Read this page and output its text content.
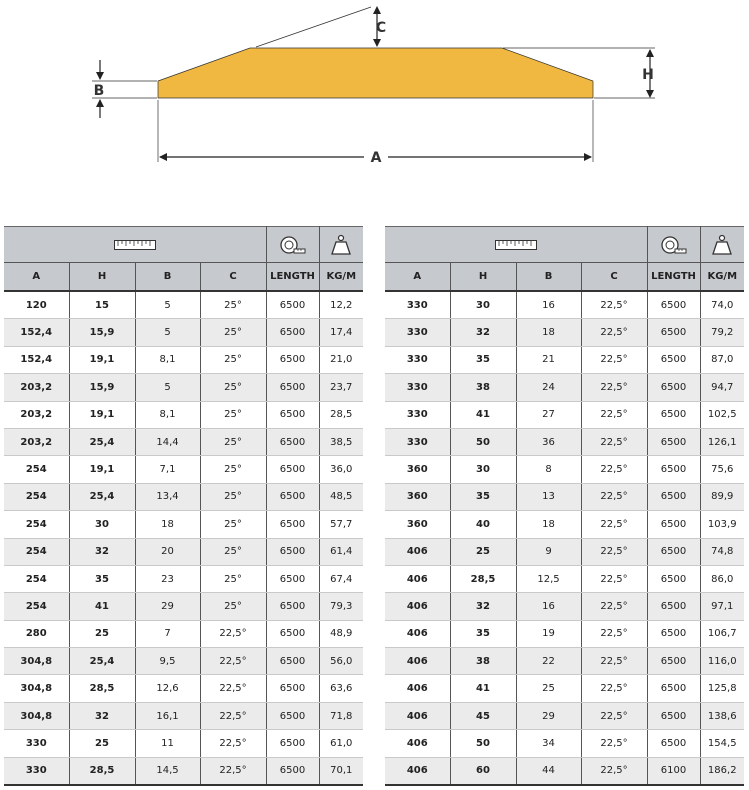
A
B
C
H

A	H	B	C	LENGTH	KG/M
120	15	5	25°	6500	12,2
152,4	15,9	5	25°	6500	17,4
152,4	19,1	8,1	25°	6500	21,0
203,2	15,9	5	25°	6500	23,7
203,2	19,1	8,1	25°	6500	28,5
203,2	25,4	14,4	25°	6500	38,5
254	19,1	7,1	25°	6500	36,0
254	25,4	13,4	25°	6500	48,5
254	30	18	25°	6500	57,7
254	32	20	25°	6500	61,4
254	35	23	25°	6500	67,4
254	41	29	25°	6500	79,3
280	25	7	22,5°	6500	48,9
304,8	25,4	9,5	22,5°	6500	56,0
304,8	28,5	12,6	22,5°	6500	63,6
304,8	32	16,1	22,5°	6500	71,8
330	25	11	22,5°	6500	61,0
330	28,5	14,5	22,5°	6500	70,1

A	H	B	C	LENGTH	KG/M
330	30	16	22,5°	6500	74,0
330	32	18	22,5°	6500	79,2
330	35	21	22,5°	6500	87,0
330	38	24	22,5°	6500	94,7
330	41	27	22,5°	6500	102,5
330	50	36	22,5°	6500	126,1
360	30	8	22,5°	6500	75,6
360	35	13	22,5°	6500	89,9
360	40	18	22,5°	6500	103,9
406	25	9	22,5°	6500	74,8
406	28,5	12,5	22,5°	6500	86,0
406	32	16	22,5°	6500	97,1
406	35	19	22,5°	6500	106,7
406	38	22	22,5°	6500	116,0
406	41	25	22,5°	6500	125,8
406	45	29	22,5°	6500	138,6
406	50	34	22,5°	6500	154,5
406	60	44	22,5°	6100	186,2
